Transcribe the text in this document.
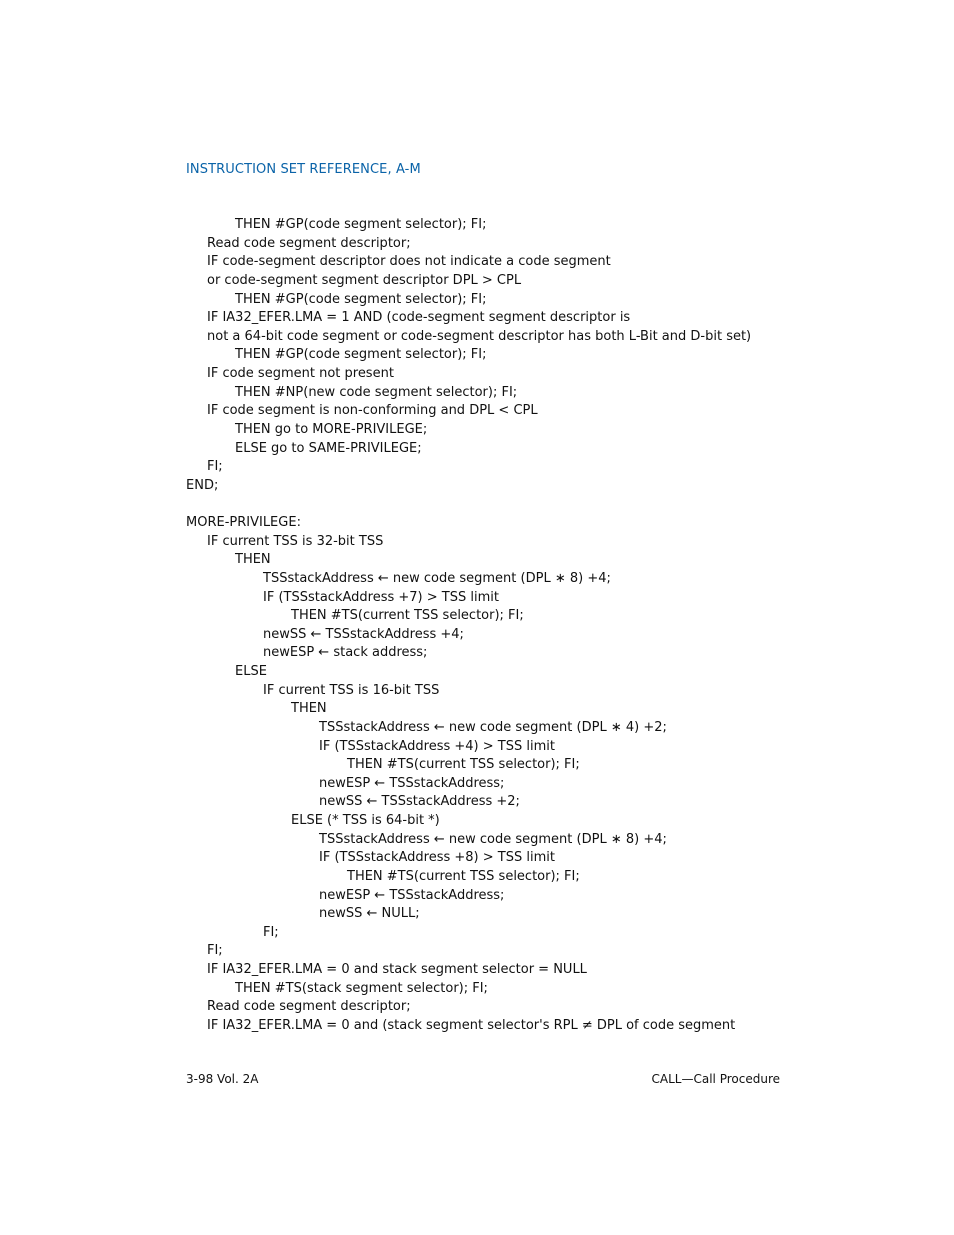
INSTRUCTION SET REFERENCE, A-M
THEN #GP(code segment selector); FI;
Read code segment descriptor;
IF code-segment descriptor does not indicate a code segment
or code-segment segment descriptor DPL > CPL
THEN #GP(code segment selector); FI;
IF IA32_EFER.LMA = 1 AND (code-segment segment descriptor is
not a 64-bit code segment or code-segment descriptor has both L-Bit and D-bit set)
THEN #GP(code segment selector); FI;
IF code segment not present
THEN #NP(new code segment selector); FI;
IF code segment is non-conforming and DPL < CPL
THEN go to MORE-PRIVILEGE;
ELSE go to SAME-PRIVILEGE;
FI;
END;
MORE-PRIVILEGE:
IF current TSS is 32-bit TSS
THEN
TSSstackAddress ← new code segment (DPL ∗ 8) +4;
IF (TSSstackAddress +7) > TSS limit
THEN #TS(current TSS selector); FI;
newSS ← TSSstackAddress +4;
newESP ← stack address;
ELSE
IF current TSS is 16-bit TSS
THEN
TSSstackAddress ← new code segment (DPL ∗ 4) +2;
IF (TSSstackAddress +4) > TSS limit
THEN #TS(current TSS selector); FI;
newESP ← TSSstackAddress;
newSS ← TSSstackAddress +2;
ELSE (* TSS is 64-bit *)
TSSstackAddress ← new code segment (DPL ∗ 8) +4;
IF (TSSstackAddress +8) > TSS limit
THEN #TS(current TSS selector); FI;
newESP ← TSSstackAddress;
newSS ← NULL;
FI;
FI;
IF IA32_EFER.LMA = 0 and stack segment selector = NULL
THEN #TS(stack segment selector); FI;
Read code segment descriptor;
IF IA32_EFER.LMA = 0 and (stack segment selector's RPL ≠ DPL of code segment
3-98 Vol. 2A	CALL—Call Procedure
